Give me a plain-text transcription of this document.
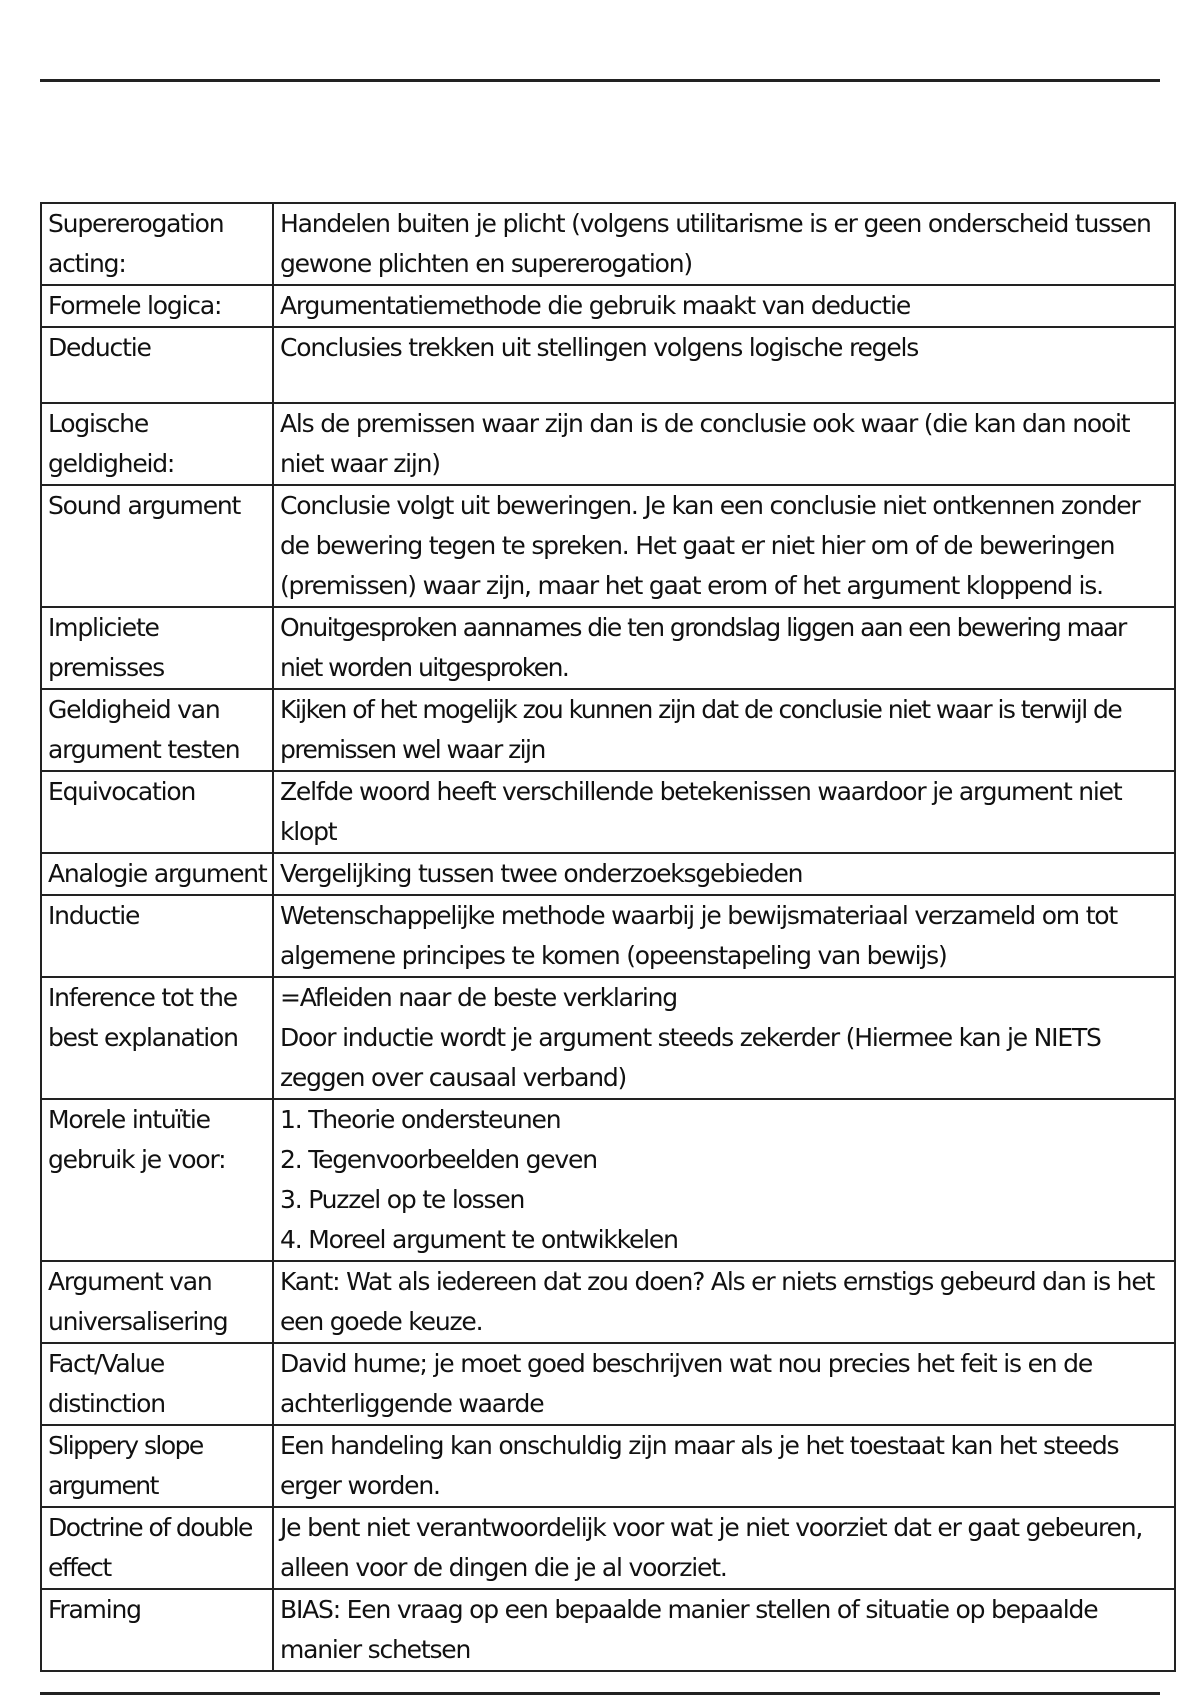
Supererogation acting:	Handelen buiten je plicht (volgens utilitarisme is er geen onderscheid tussen gewone plichten en supererogation)
Formele logica:	Argumentatiemethode die gebruik maakt van deductie
Deductie	Conclusies trekken uit stellingen volgens logische regels
Logische geldigheid:	Als de premissen waar zijn dan is de conclusie ook waar (die kan dan nooit niet waar zijn)
Sound argument	Conclusie volgt uit beweringen. Je kan een conclusie niet ontkennen zonder de bewering tegen te spreken. Het gaat er niet hier om of de beweringen (premissen) waar zijn, maar het gaat erom of het argument kloppend is.
Impliciete premisses	Onuitgesproken aannames die ten grondslag liggen aan een bewering maar niet worden uitgesproken.
Geldigheid van argument testen	Kijken of het mogelijk zou kunnen zijn dat de conclusie niet waar is terwijl de premissen wel waar zijn
Equivocation	Zelfde woord heeft verschillende betekenissen waardoor je argument niet klopt
Analogie argument	Vergelijking tussen twee onderzoeksgebieden
Inductie	Wetenschappelijke methode waarbij je bewijsmateriaal verzameld om tot algemene principes te komen (opeenstapeling van bewijs)
Inference tot the best explanation	=Afleiden naar de beste verklaring
Door inductie wordt je argument steeds zekerder (Hiermee kan je NIETS zeggen over causaal verband)
Morele intuïtie gebruik je voor:	1. Theorie ondersteunen
2. Tegenvoorbeelden geven
3. Puzzel op te lossen
4. Moreel argument te ontwikkelen
Argument van universalisering	Kant: Wat als iedereen dat zou doen? Als er niets ernstigs gebeurd dan is het een goede keuze.
Fact/Value distinction	David hume; je moet goed beschrijven wat nou precies het feit is en de achterliggende waarde
Slippery slope argument	Een handeling kan onschuldig zijn maar als je het toestaat kan het steeds erger worden.
Doctrine of double effect	Je bent niet verantwoordelijk voor wat je niet voorziet dat er gaat gebeuren, alleen voor de dingen die je al voorziet.
Framing	BIAS: Een vraag op een bepaalde manier stellen of situatie op bepaalde manier schetsen
